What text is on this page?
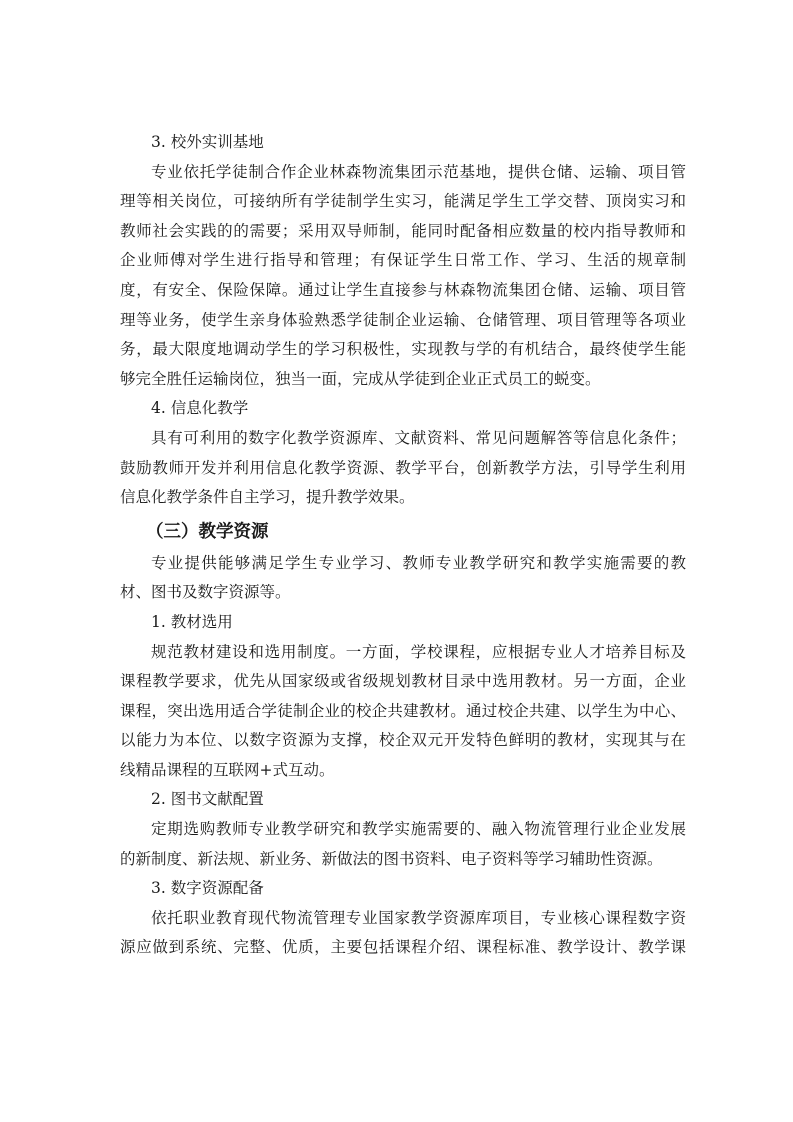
3. 校外实训基地
专业依托学徒制合作企业林森物流集团示范基地，提供仓储、运输、项目管
理等相关岗位，可接纳所有学徒制学生实习，能满足学生工学交替、顶岗实习和
教师社会实践的的需要；采用双导师制，能同时配备相应数量的校内指导教师和
企业师傅对学生进行指导和管理；有保证学生日常工作、学习、生活的规章制
度，有安全、保险保障。通过让学生直接参与林森物流集团仓储、运输、项目管
理等业务，使学生亲身体验熟悉学徒制企业运输、仓储管理、项目管理等各项业
务，最大限度地调动学生的学习积极性，实现教与学的有机结合，最终使学生能
够完全胜任运输岗位，独当一面，完成从学徒到企业正式员工的蜕变。
4. 信息化教学
具有可利用的数字化教学资源库、文献资料、常见问题解答等信息化条件；
鼓励教师开发并利用信息化教学资源、教学平台，创新教学方法，引导学生利用
信息化教学条件自主学习，提升教学效果。
（三）教学资源
专业提供能够满足学生专业学习、教师专业教学研究和教学实施需要的教
材、图书及数字资源等。
1. 教材选用
规范教材建设和选用制度。一方面，学校课程，应根据专业人才培养目标及
课程教学要求，优先从国家级或省级规划教材目录中选用教材。另一方面，企业
课程，突出选用适合学徒制企业的校企共建教材。通过校企共建、以学生为中心、
以能力为本位、以数字资源为支撑，校企双元开发特色鲜明的教材，实现其与在
线精品课程的互联网+式互动。
2. 图书文献配置
定期选购教师专业教学研究和教学实施需要的、融入物流管理行业企业发展
的新制度、新法规、新业务、新做法的图书资料、电子资料等学习辅助性资源。
3. 数字资源配备
依托职业教育现代物流管理专业国家教学资源库项目，专业核心课程数字资
源应做到系统、完整、优质，主要包括课程介绍、课程标准、教学设计、教学课
